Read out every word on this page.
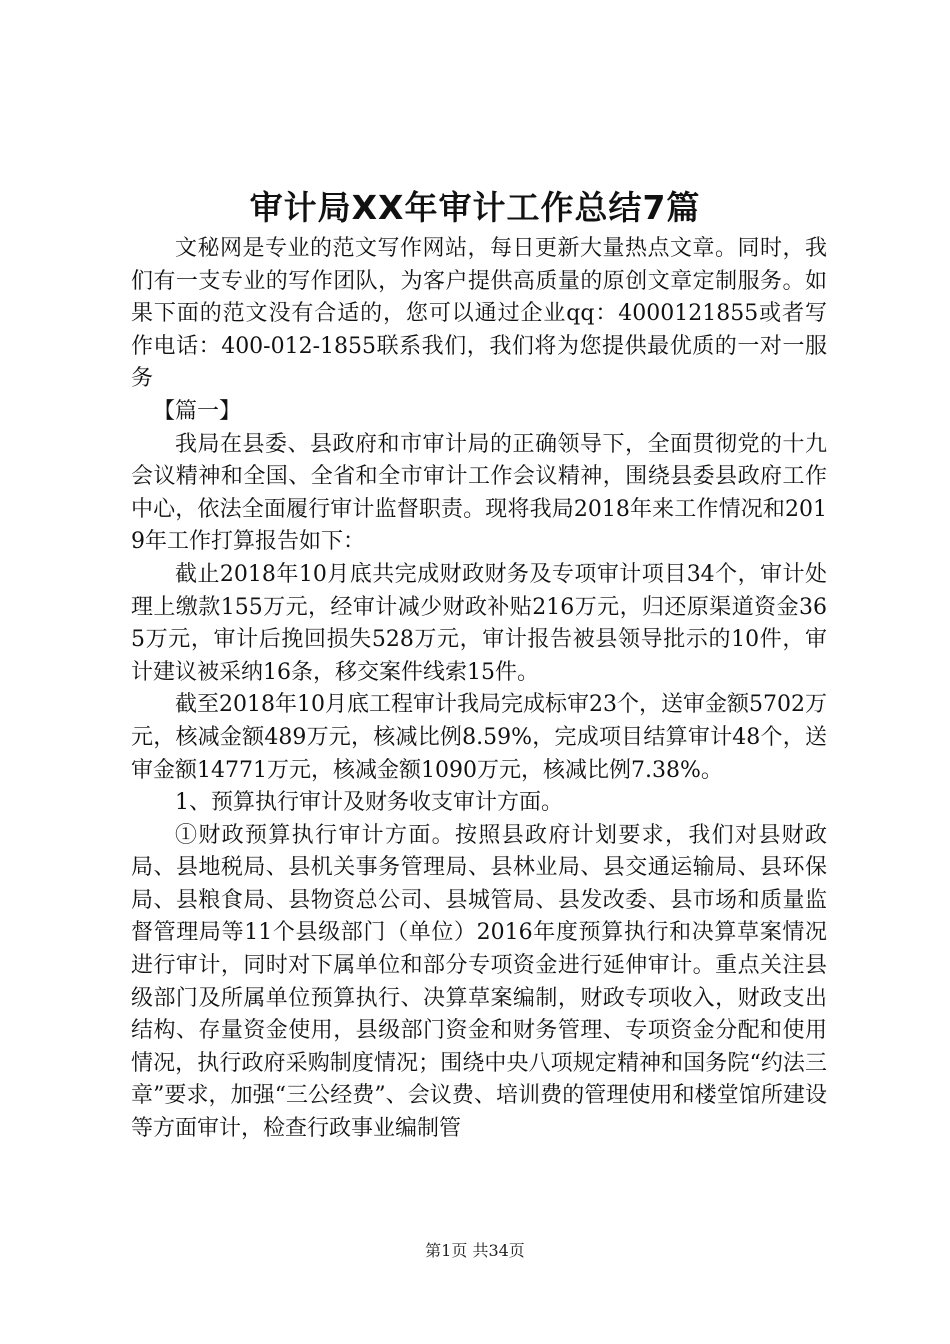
审计局XX年审计工作总结7篇

文秘网是专业的范文写作网站，每日更新大量热点文章。同时，我们有一支专业的写作团队，为客户提供高质量的原创文章定制服务。如果下面的范文没有合适的，您可以通过企业qq：4000121855或者写作电话：400-012-1855联系我们，我们将为您提供最优质的一对一服务

【篇一】

我局在县委、县政府和市审计局的正确领导下，全面贯彻党的十九会议精神和全国、全省和全市审计工作会议精神，围绕县委县政府工作中心，依法全面履行审计监督职责。现将我局2018年来工作情况和2019年工作打算报告如下：

截止2018年10月底共完成财政财务及专项审计项目34个，审计处理上缴款155万元，经审计减少财政补贴216万元，归还原渠道资金365万元，审计后挽回损失528万元，审计报告被县领导批示的10件，审计建议被采纳16条，移交案件线索15件。

截至2018年10月底工程审计我局完成标审23个，送审金额5702万元，核减金额489万元，核减比例8.59%，完成项目结算审计48个，送审金额14771万元，核减金额1090万元，核减比例7.38%。

1、预算执行审计及财务收支审计方面。

①财政预算执行审计方面。按照县政府计划要求，我们对县财政局、县地税局、县机关事务管理局、县林业局、县交通运输局、县环保局、县粮食局、县物资总公司、县城管局、县发改委、县市场和质量监督管理局等11个县级部门（单位）2016年度预算执行和决算草案情况进行审计，同时对下属单位和部分专项资金进行延伸审计。重点关注县级部门及所属单位预算执行、决算草案编制，财政专项收入，财政支出结构、存量资金使用，县级部门资金和财务管理、专项资金分配和使用情况，执行政府采购制度情况；围绕中央八项规定精神和国务院“约法三章”要求，加强“三公经费”、会议费、培训费的管理使用和楼堂馆所建设等方面审计，检查行政事业编制管

第1页 共34页
